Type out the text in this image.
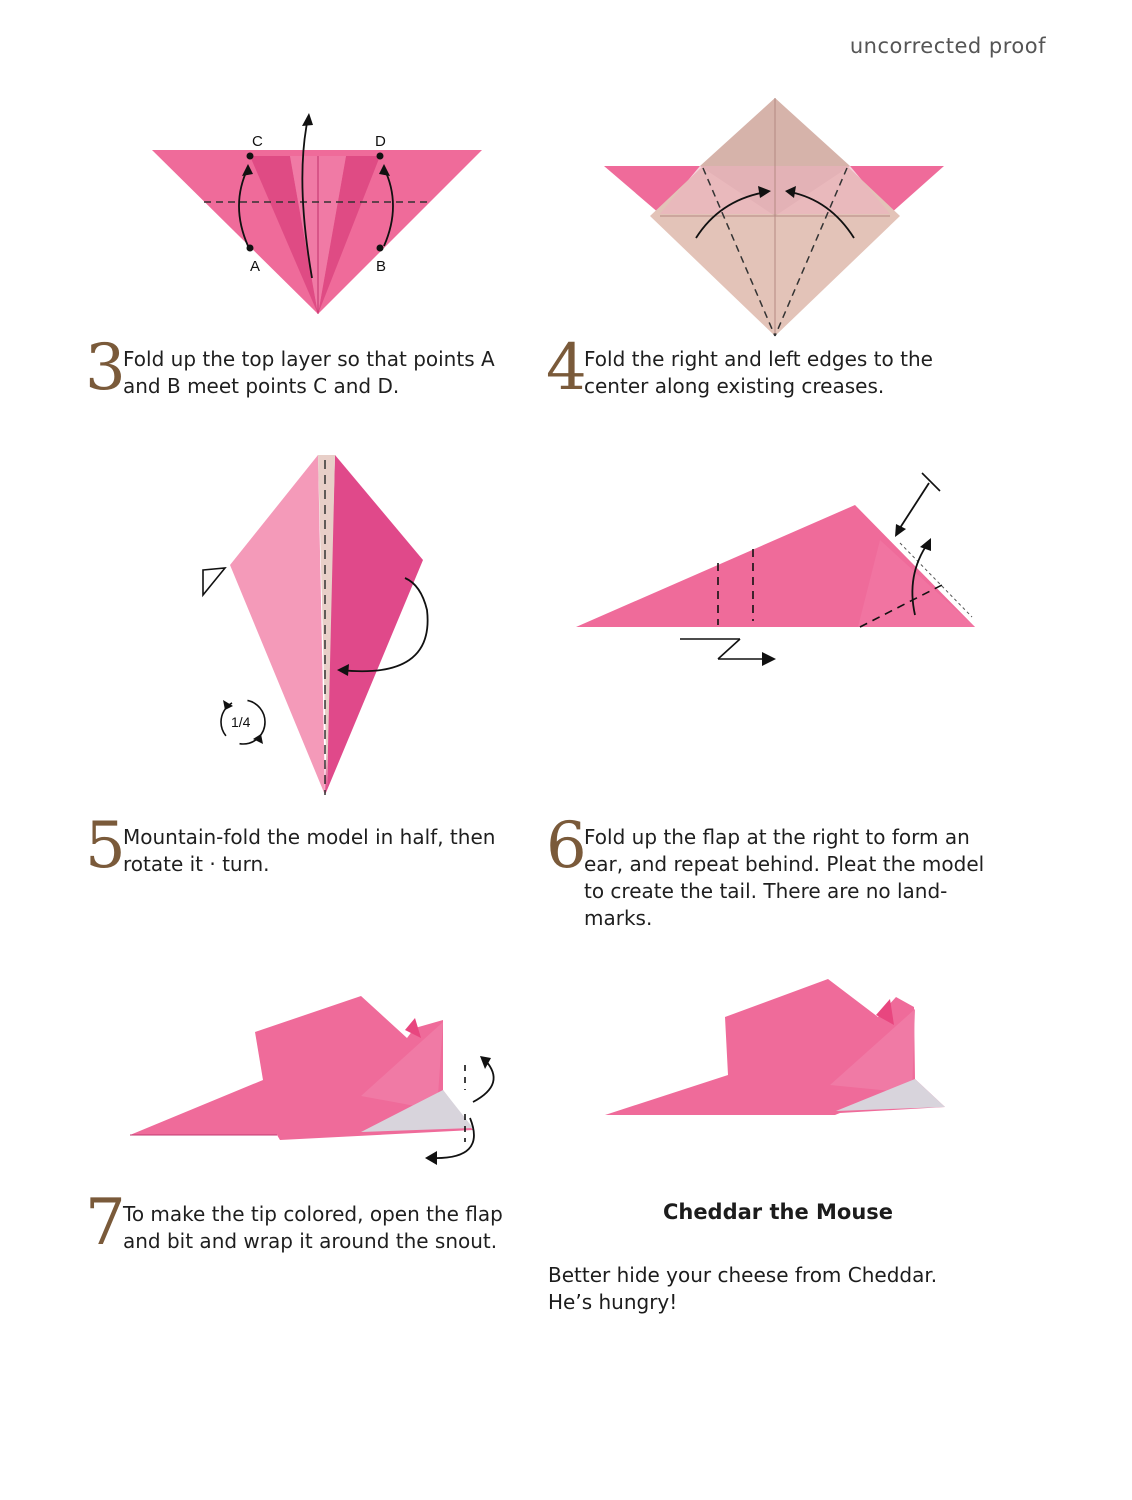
uncorrected proof
C	D
A	B
1/4
3
Fold up the top layer so that points A
and B meet points C and D.	4
Fold the right and left edges to the
center along existing creases.
5
Mountain-fold the model in half, then
rotate it · turn.	6
Fold up the flap at the right to form an
ear, and repeat behind. Pleat the model
to create the tail. There are no land-
marks.
7
To make the tip colored, open the flap
and bit and wrap it around the snout.
Cheddar the Mouse
Better hide your cheese from Cheddar.
He’s hungry!
